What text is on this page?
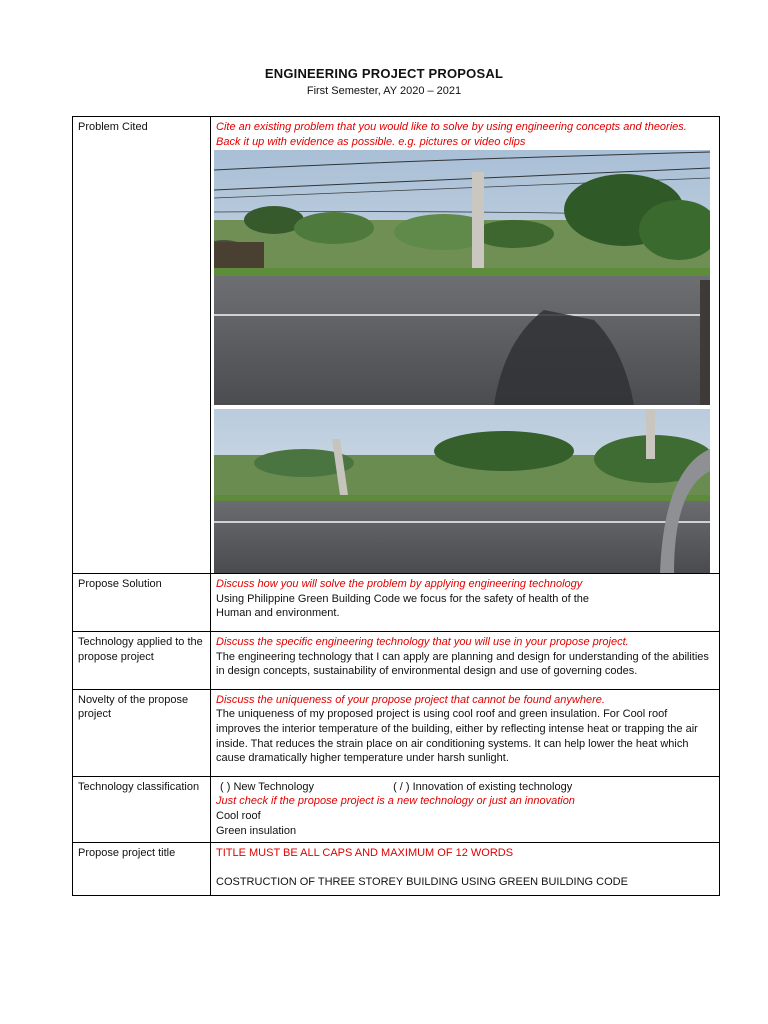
ENGINEERING PROJECT PROPOSAL
First Semester, AY 2020 – 2021
Problem Cited	Cite an existing problem that you would like to solve by using engineering concepts and theories. Back it up with evidence as possible. e.g. pictures or video clips

Propose Solution	Discuss how you will solve the problem by applying engineering technology
Using Philippine Green Building Code we focus for the safety of health of the
Human and environment.

Technology applied to the propose project	Discuss the specific engineering technology that you will use in your propose project.
The engineering technology that I can apply are planning and design for understanding of the abilities in design concepts, sustainability of environmental design and use of governing codes.

Novelty of the propose project	Discuss the uniqueness of your propose project that cannot be found anywhere.
The uniqueness of my proposed project is using cool roof and green insulation. For Cool roof improves the interior temperature of the building, either by reflecting intense heat or trapping the air inside. That reduces the strain place on air conditioning systems. It can help lower the heat which cause dramatically higher temperature under harsh sunlight.

Technology classification	( ) New Technology ( / ) Innovation of existing technology
Just check if the propose project is a new technology or just an innovation
Cool roof
Green insulation

Propose project title	TITLE MUST BE ALL CAPS AND MAXIMUM OF 12 WORDS
COSTRUCTION OF THREE STOREY BUILDING USING GREEN BUILDING CODE
